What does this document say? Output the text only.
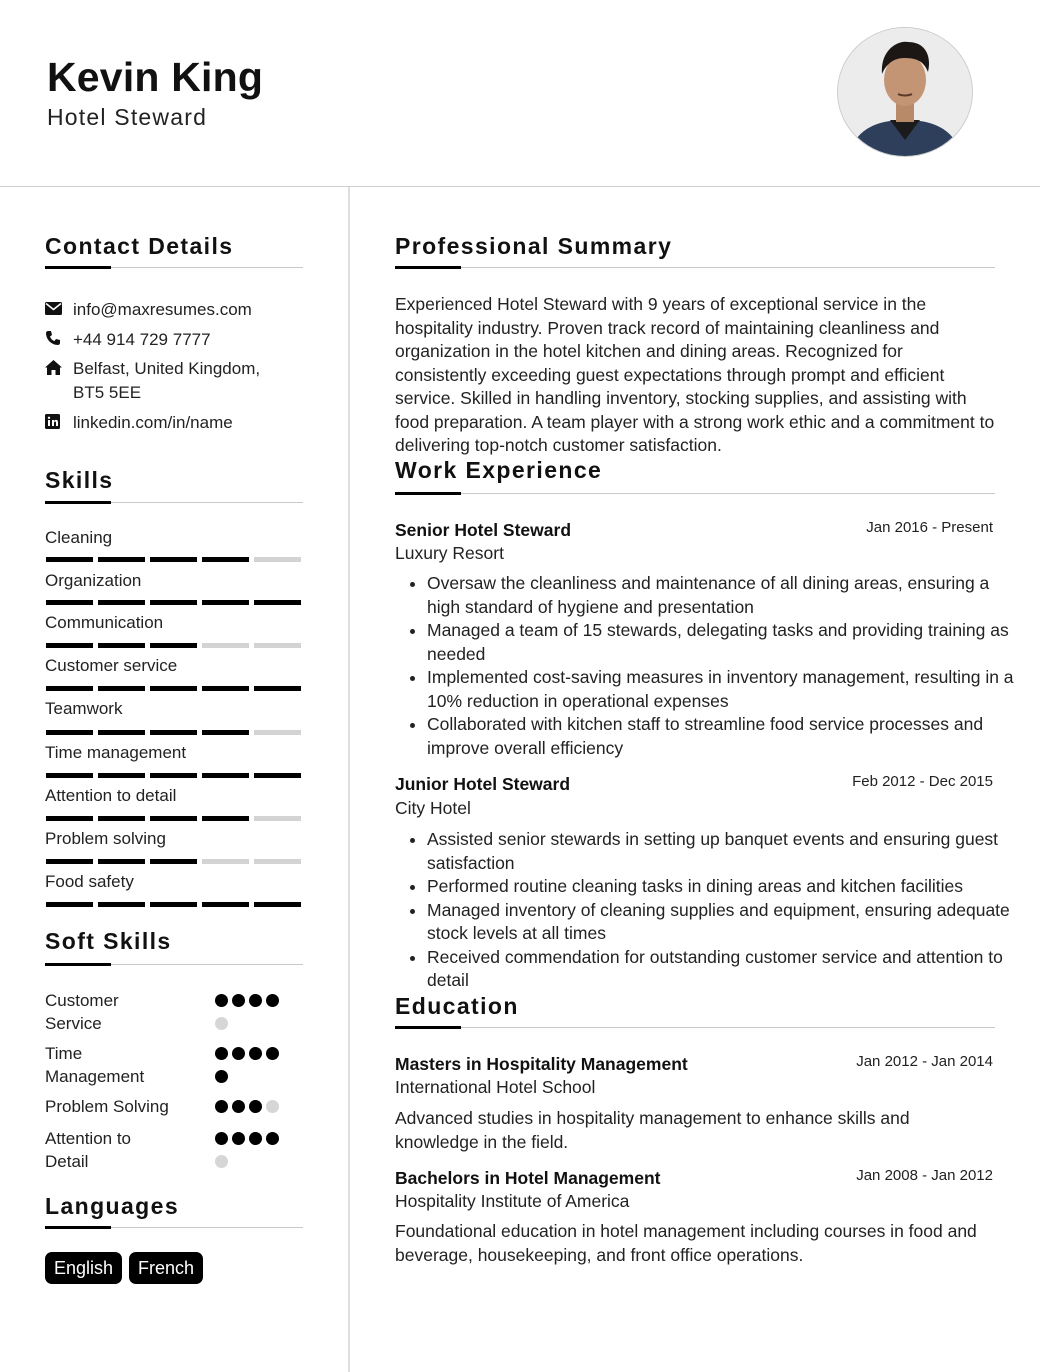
Kevin King
Hotel Steward
Contact Details
info@maxresumes.com
+44 914 729 7777
Belfast, United Kingdom,
BT5 5EE
linkedin.com/in/name
Skills
Cleaning
Organization
Communication
Customer service
Teamwork
Time management
Attention to detail
Problem solving
Food safety
Soft Skills
Customer
Service
Time
Management
Problem Solving
Attention to
Detail
Languages
English	French
Professional Summary
Experienced Hotel Steward with 9 years of exceptional service in the hospitality industry. Proven track record of maintaining cleanliness and organization in the hotel kitchen and dining areas. Recognized for consistently exceeding guest expectations through prompt and efficient service. Skilled in handling inventory, stocking supplies, and assisting with food preparation. A team player with a strong work ethic and a commitment to delivering top-notch customer satisfaction.
Work Experience
Senior Hotel Steward	Jan 2016 - Present
Luxury Resort
• Oversaw the cleanliness and maintenance of all dining areas, ensuring a high standard of hygiene and presentation
• Managed a team of 15 stewards, delegating tasks and providing training as needed
• Implemented cost-saving measures in inventory management, resulting in a 10% reduction in operational expenses
• Collaborated with kitchen staff to streamline food service processes and improve overall efficiency
Junior Hotel Steward	Feb 2012 - Dec 2015
City Hotel
• Assisted senior stewards in setting up banquet events and ensuring guest satisfaction
• Performed routine cleaning tasks in dining areas and kitchen facilities
• Managed inventory of cleaning supplies and equipment, ensuring adequate stock levels at all times
• Received commendation for outstanding customer service and attention to detail
Education
Masters in Hospitality Management	Jan 2012 - Jan 2014
International Hotel School
Advanced studies in hospitality management to enhance skills and knowledge in the field.
Bachelors in Hotel Management	Jan 2008 - Jan 2012
Hospitality Institute of America
Foundational education in hotel management including courses in food and beverage, housekeeping, and front office operations.
